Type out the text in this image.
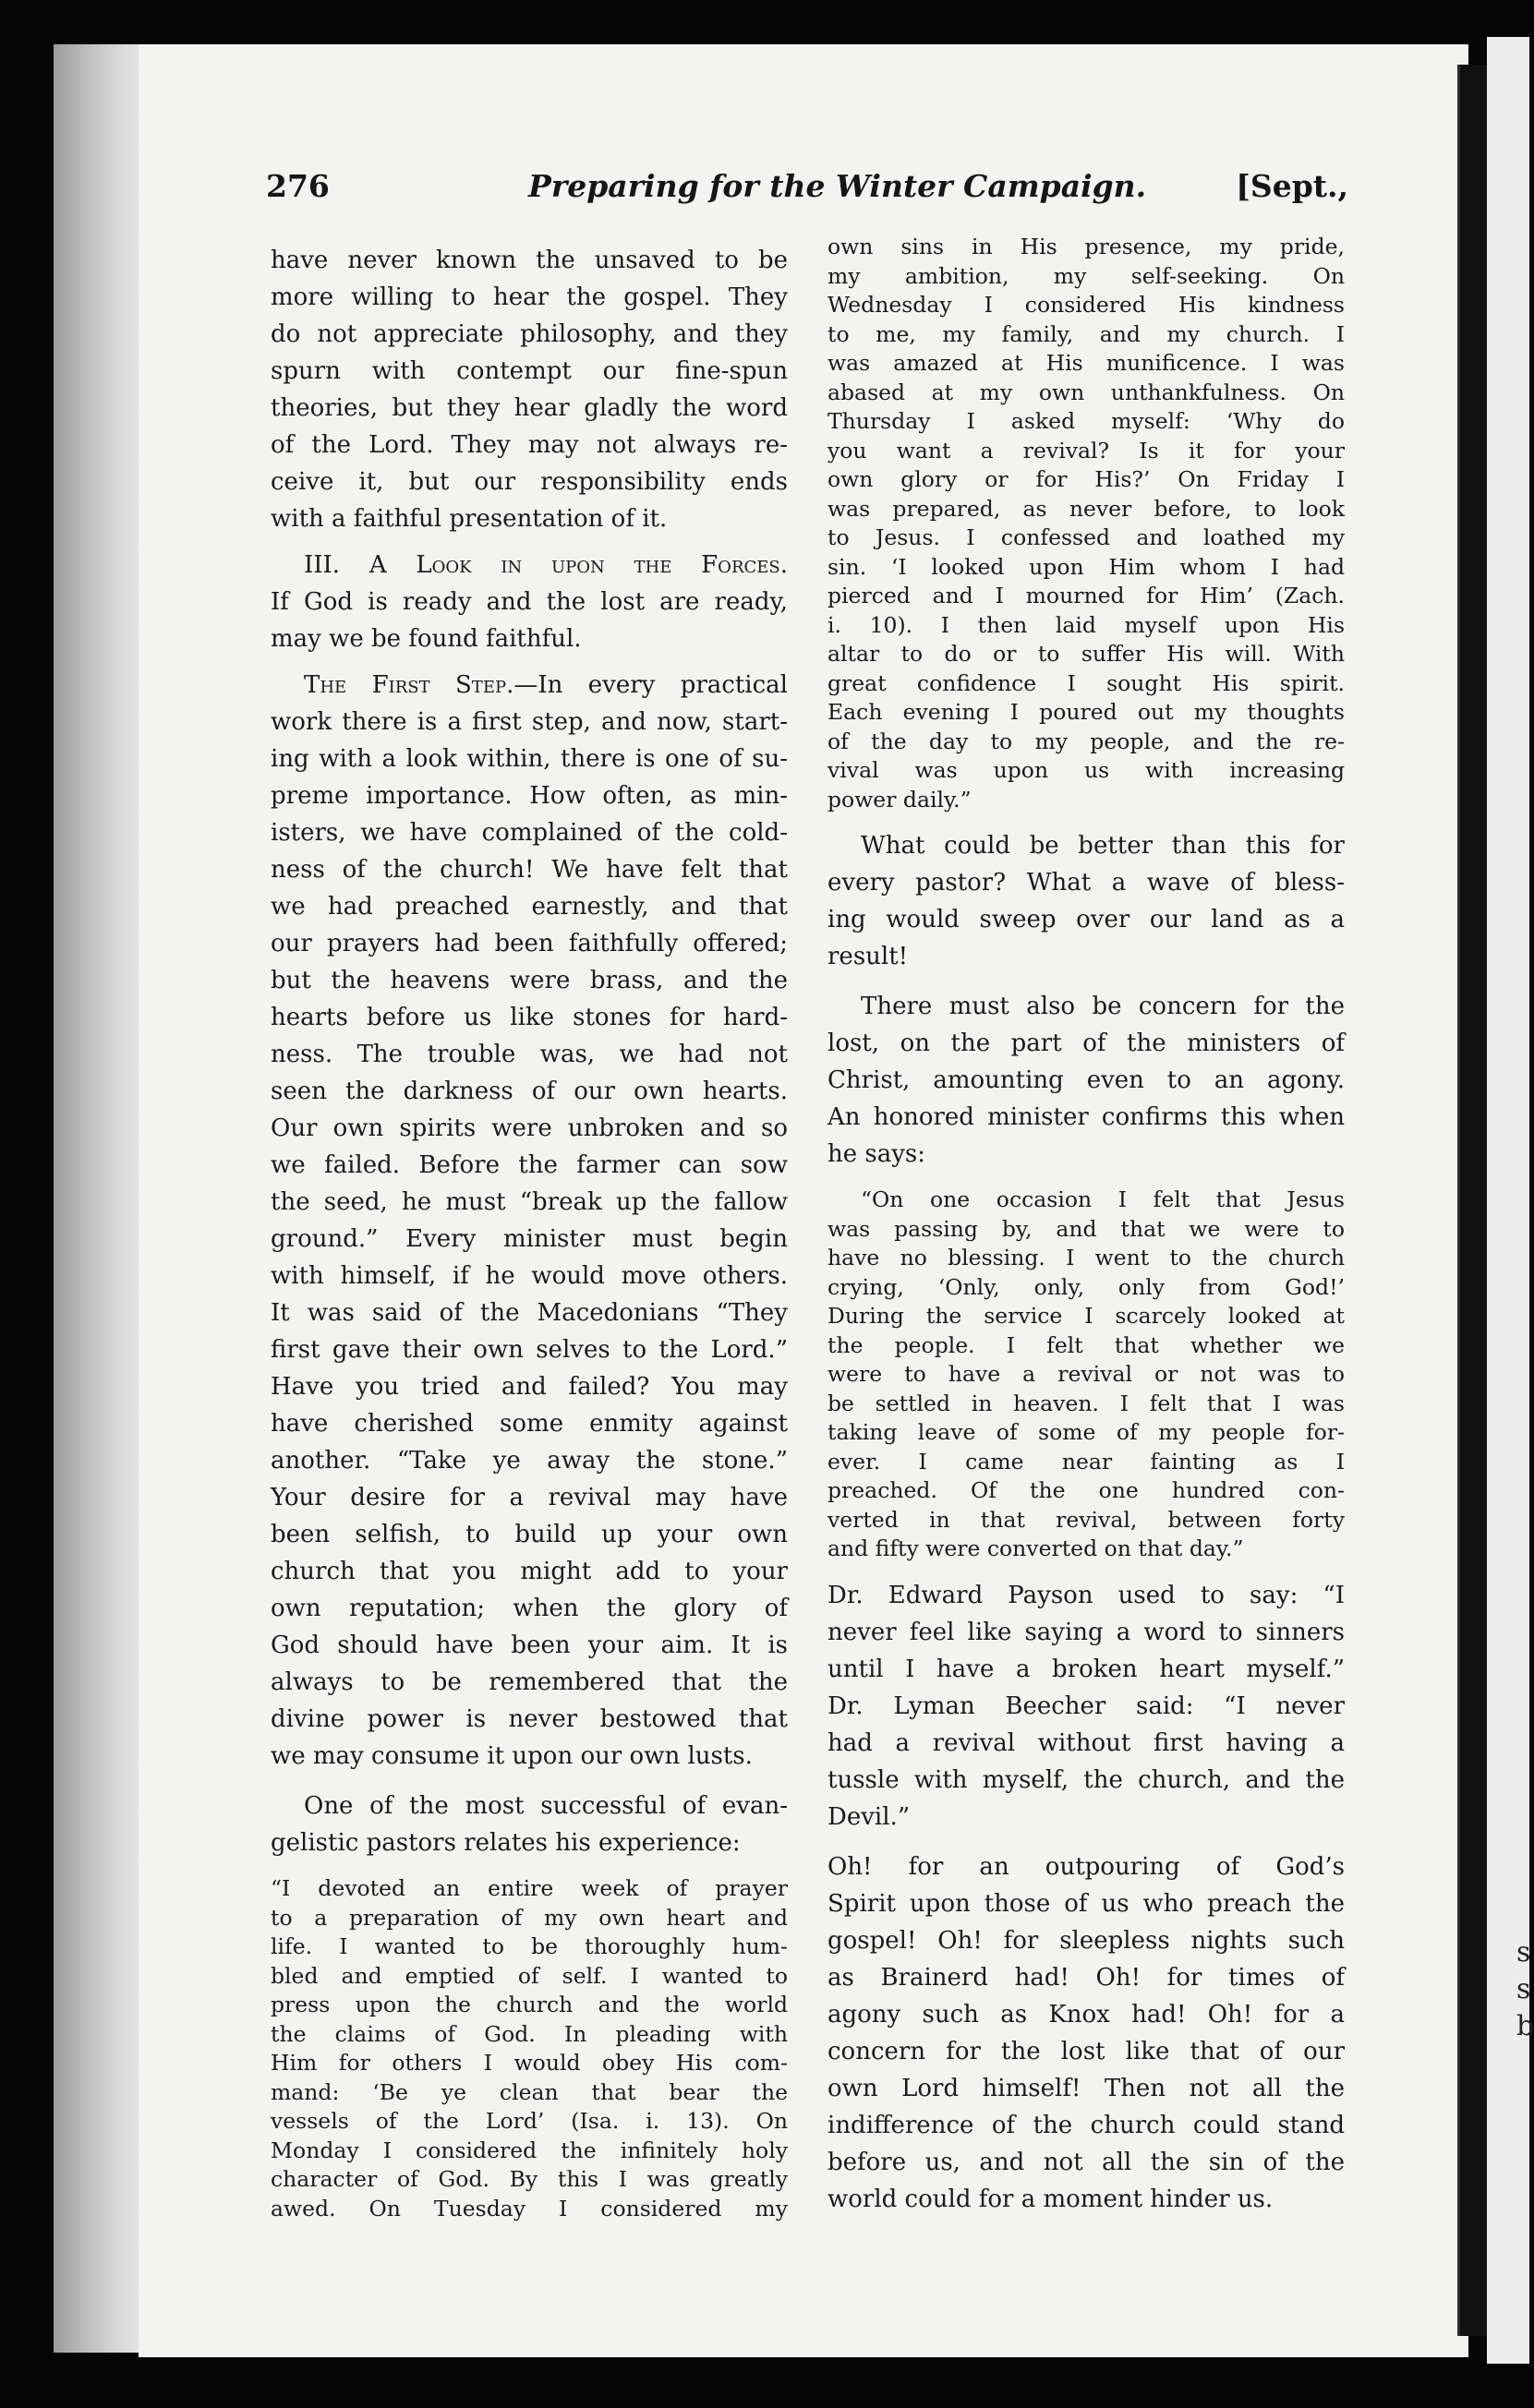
s
s
b
276	Preparing for the Winter Campaign.	[Sept.,
have never known the unsaved to be
more willing to hear the gospel. They
do not appreciate philosophy, and they
spurn with contempt our fine-spun
theories, but they hear gladly the word
of the Lord. They may not always re-
ceive it, but our responsibility ends
with a faithful presentation of it.
III. A Look in upon the Forces.
If God is ready and the lost are ready,
may we be found faithful.
The First Step.—In every practical
work there is a first step, and now, start-
ing with a look within, there is one of su-
preme importance. How often, as min-
isters, we have complained of the cold-
ness of the church! We have felt that
we had preached earnestly, and that
our prayers had been faithfully offered;
but the heavens were brass, and the
hearts before us like stones for hard-
ness. The trouble was, we had not
seen the darkness of our own hearts.
Our own spirits were unbroken and so
we failed. Before the farmer can sow
the seed, he must “break up the fallow
ground.” Every minister must begin
with himself, if he would move others.
It was said of the Macedonians “They
first gave their own selves to the Lord.”
Have you tried and failed? You may
have cherished some enmity against
another. “Take ye away the stone.”
Your desire for a revival may have
been selfish, to build up your own
church that you might add to your
own reputation; when the glory of
God should have been your aim. It is
always to be remembered that the
divine power is never bestowed that
we may consume it upon our own lusts.
One of the most successful of evan-
gelistic pastors relates his experience:
“I devoted an entire week of prayer
to a preparation of my own heart and
life. I wanted to be thoroughly hum-
bled and emptied of self. I wanted to
press upon the church and the world
the claims of God. In pleading with
Him for others I would obey His com-
mand: ‘Be ye clean that bear the
vessels of the Lord’ (Isa. i. 13). On
Monday I considered the infinitely holy
character of God. By this I was greatly
awed. On Tuesday I considered my
own sins in His presence, my pride,
my ambition, my self-seeking. On
Wednesday I considered His kindness
to me, my family, and my church. I
was amazed at His munificence. I was
abased at my own unthankfulness. On
Thursday I asked myself: ‘Why do
you want a revival? Is it for your
own glory or for His?’ On Friday I
was prepared, as never before, to look
to Jesus. I confessed and loathed my
sin. ‘I looked upon Him whom I had
pierced and I mourned for Him’ (Zach.
i. 10). I then laid myself upon His
altar to do or to suffer His will. With
great confidence I sought His spirit.
Each evening I poured out my thoughts
of the day to my people, and the re-
vival was upon us with increasing
power daily.”
What could be better than this for
every pastor? What a wave of bless-
ing would sweep over our land as a
result!
There must also be concern for the
lost, on the part of the ministers of
Christ, amounting even to an agony.
An honored minister confirms this when
he says:
“On one occasion I felt that Jesus
was passing by, and that we were to
have no blessing. I went to the church
crying, ‘Only, only, only from God!’
During the service I scarcely looked at
the people. I felt that whether we
were to have a revival or not was to
be settled in heaven. I felt that I was
taking leave of some of my people for-
ever. I came near fainting as I
preached. Of the one hundred con-
verted in that revival, between forty
and fifty were converted on that day.”
Dr. Edward Payson used to say: “I
never feel like saying a word to sinners
until I have a broken heart myself.”
Dr. Lyman Beecher said: “I never
had a revival without first having a
tussle with myself, the church, and the
Devil.”
Oh! for an outpouring of God’s
Spirit upon those of us who preach the
gospel! Oh! for sleepless nights such
as Brainerd had! Oh! for times of
agony such as Knox had! Oh! for a
concern for the lost like that of our
own Lord himself! Then not all the
indifference of the church could stand
before us, and not all the sin of the
world could for a moment hinder us.
